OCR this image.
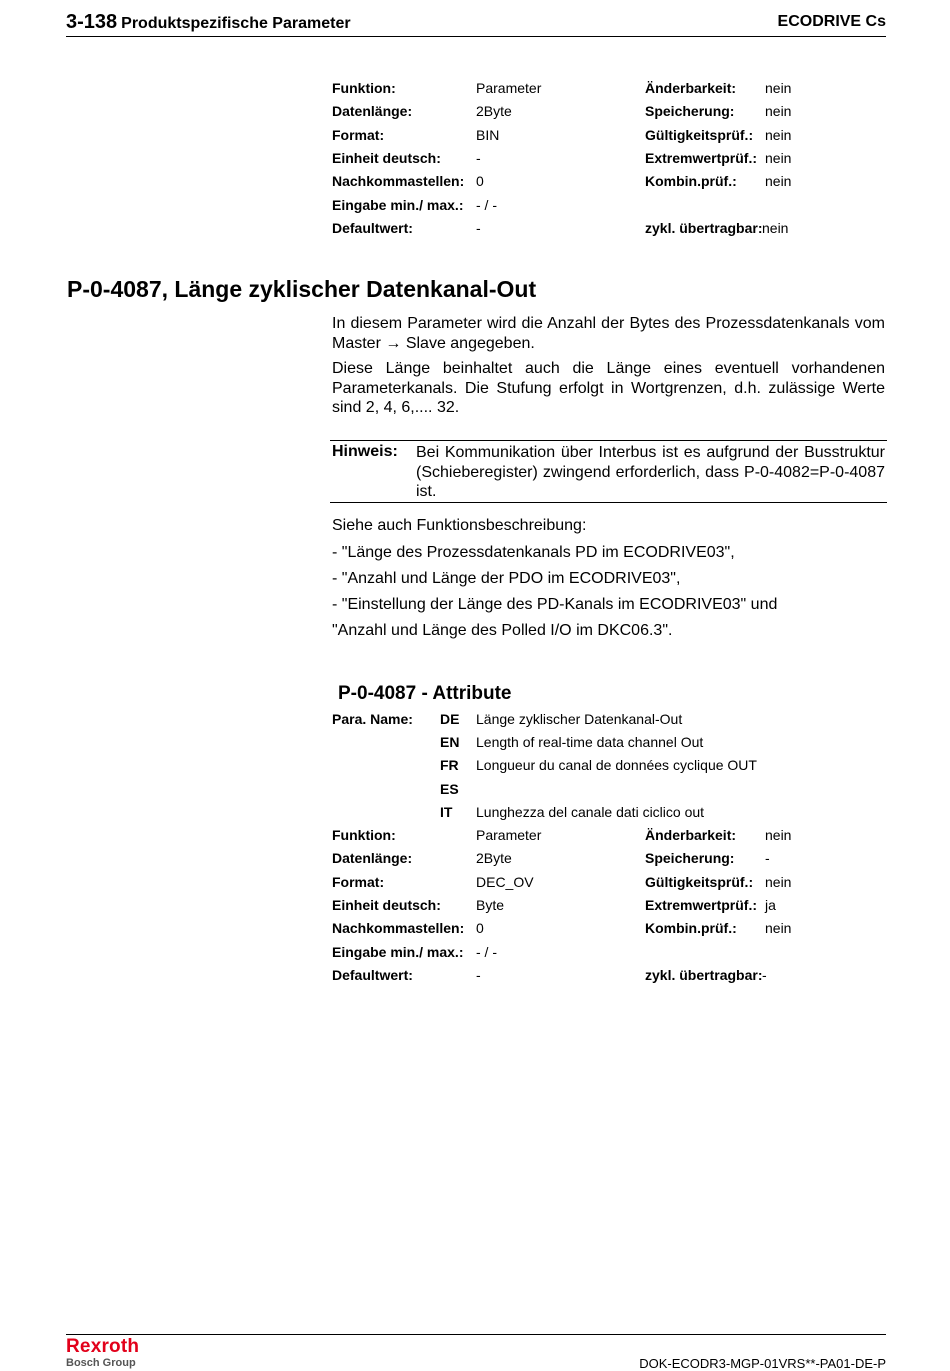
3-138 Produktspezifische Parameter	ECODRIVE Cs
Funktion:	Parameter	Änderbarkeit: nein
Datenlänge:	2Byte	Speicherung: nein
Format:	BIN	Gültigkeitsprüf.: nein
Einheit deutsch:	-	Extremwertprüf.: nein
Nachkommastellen: 0	Kombin.prüf.: nein
Eingabe min./ max.: - / -
Defaultwert:	-	zykl. übertragbar: nein
P-0-4087, Länge zyklischer Datenkanal-Out
In diesem Parameter wird die Anzahl der Bytes des Prozessdatenkanals vom Master → Slave angegeben.
Diese Länge beinhaltet auch die Länge eines eventuell vorhandenen Parameterkanals. Die Stufung erfolgt in Wortgrenzen, d.h. zulässige Werte sind 2, 4, 6,.... 32.
Hinweis: Bei Kommunikation über Interbus ist es aufgrund der Busstruktur (Schieberegister) zwingend erforderlich, dass P-0-4082=P-0-4087 ist.
Siehe auch Funktionsbeschreibung:
- "Länge des Prozessdatenkanals PD im ECODRIVE03",
- "Anzahl und Länge der PDO im ECODRIVE03",
- "Einstellung der Länge des PD-Kanals im ECODRIVE03" und
"Anzahl und Länge des Polled I/O im DKC06.3".
P-0-4087 - Attribute
Para. Name: DE Länge zyklischer Datenkanal-Out
EN Length of real-time data channel Out
FR Longueur du canal de données cyclique OUT
ES
IT Lunghezza del canale dati ciclico out
Funktion:	Parameter	Änderbarkeit: nein
Datenlänge:	2Byte	Speicherung: -
Format:	DEC_OV	Gültigkeitsprüf.: nein
Einheit deutsch:	Byte	Extremwertprüf.: ja
Nachkommastellen: 0	Kombin.prüf.: nein
Eingabe min./ max.: - / -
Defaultwert:	-	zykl. übertragbar: -
Rexroth
Bosch Group	DOK-ECODR3-MGP-01VRS**-PA01-DE-P
